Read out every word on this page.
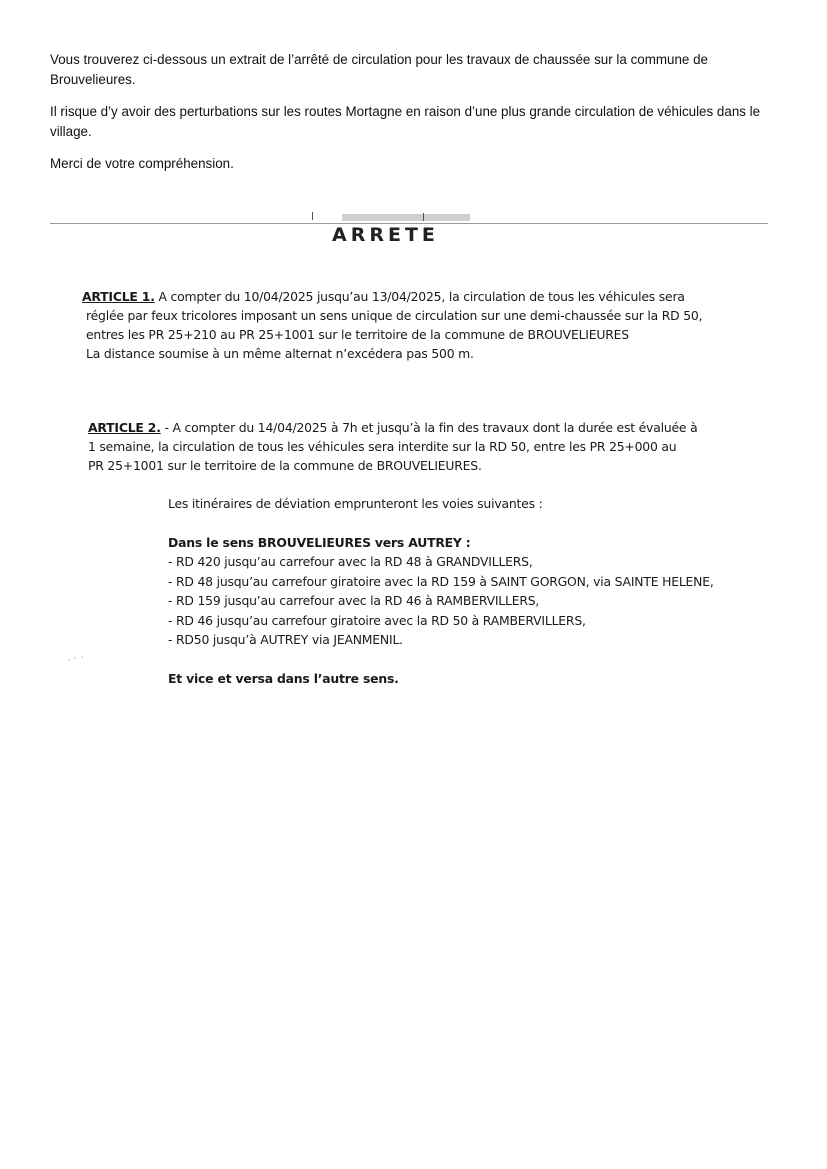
Vous trouverez ci-dessous un extrait de l’arrêté de circulation pour les travaux de chaussée sur la commune de Brouvelieures.

Il risque d’y avoir des perturbations sur les routes Mortagne en raison d’une plus grande circulation de véhicules dans le village.

Merci de votre compréhension.

ARRETE
ARTICLE 1. A compter du 10/04/2025 jusqu’au 13/04/2025, la circulation de tous les véhicules sera
réglée par feux tricolores imposant un sens unique de circulation sur une demi-chaussée sur la RD 50,
entres les PR 25+210 au PR 25+1001 sur le territoire de la commune de BROUVELIEURES
La distance soumise à un même alternat n’excédera pas 500 m.
ARTICLE 2. - A compter du 14/04/2025 à 7h et jusqu’à la fin des travaux dont la durée est évaluée à
1 semaine, la circulation de tous les véhicules sera interdite sur la RD 50, entre les PR 25+000 au
PR 25+1001 sur le territoire de la commune de BROUVELIEURES.
Les itinéraires de déviation emprunteront les voies suivantes :
Dans le sens BROUVELIEURES vers AUTREY :
- RD 420 jusqu’au carrefour avec la RD 48 à GRANDVILLERS,
- RD 48 jusqu’au carrefour giratoire avec la RD 159 à SAINT GORGON, via SAINTE HELENE,
- RD 159 jusqu’au carrefour avec la RD 46 à RAMBERVILLERS,
- RD 46 jusqu’au carrefour giratoire avec la RD 50 à RAMBERVILLERS,
- RD50 jusqu’à AUTREY via JEANMENIL.
Et vice et versa dans l’autre sens.
